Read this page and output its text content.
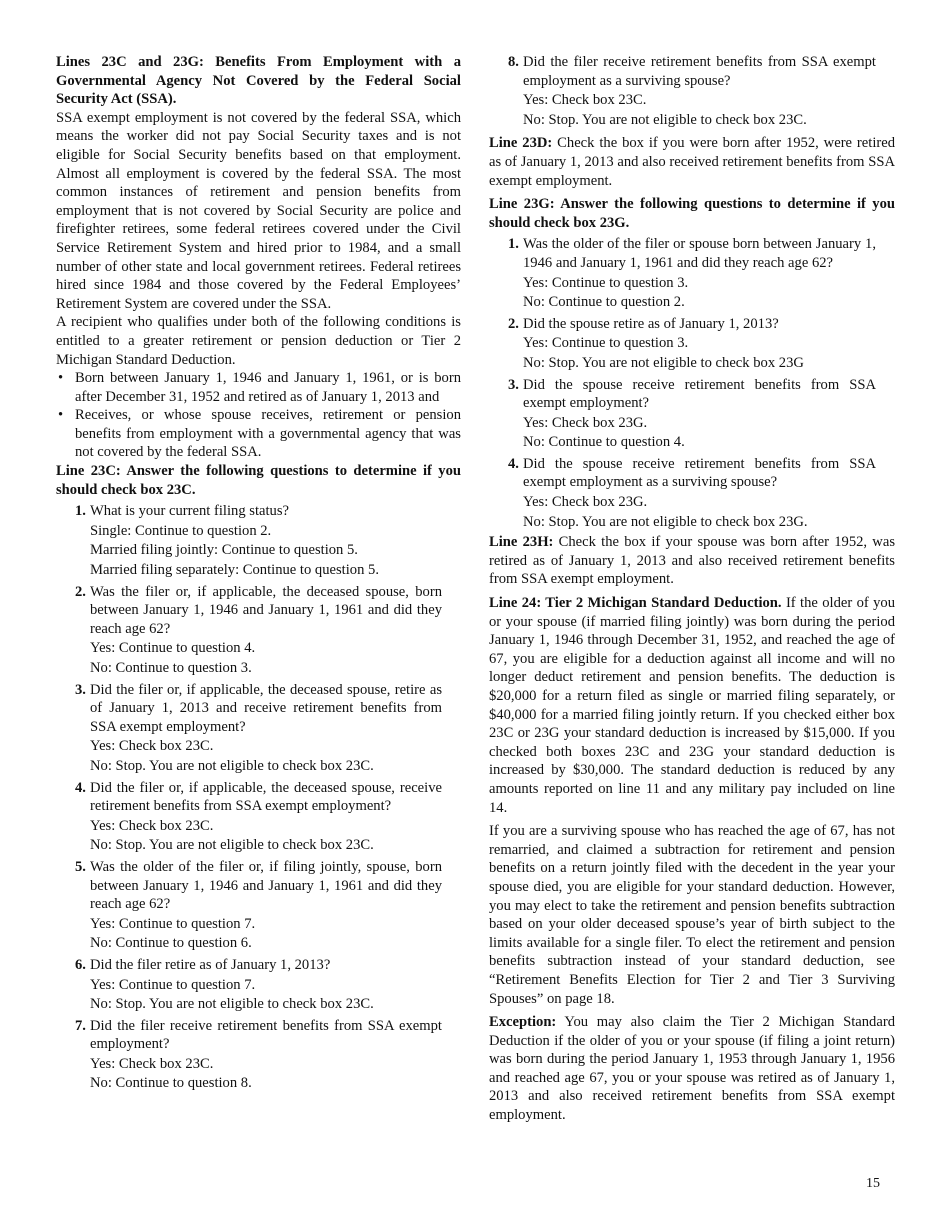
Lines 23C and 23G: Benefits From Employment with a Governmental Agency Not Covered by the Federal Social Security Act (SSA).

SSA exempt employment is not covered by the federal SSA, which means the worker did not pay Social Security taxes and is not eligible for Social Security benefits based on that employment. Almost all employment is covered by the federal SSA. The most common instances of retirement and pension benefits from employment that is not covered by Social Security are police and firefighter retirees, some federal retirees covered under the Civil Service Retirement System and hired prior to 1984, and a small number of other state and local government retirees. Federal retirees hired since 1984 and those covered by the Federal Employees’ Retirement System are covered under the SSA.

A recipient who qualifies under both of the following conditions is entitled to a greater retirement or pension deduction or Tier 2 Michigan Standard Deduction.

• Born between January 1, 1946 and January 1, 1961, or is born after December 31, 1952 and retired as of January 1, 2013 and
• Receives, or whose spouse receives, retirement or pension benefits from employment with a governmental agency that was not covered by the federal SSA.

Line 23C: Answer the following questions to determine if you should check box 23C.

1. What is your current filing status?

Single: Continue to question 2.

Married filing jointly: Continue to question 5.

Married filing separately: Continue to question 5.

2. Was the filer or, if applicable, the deceased spouse, born between January 1, 1946 and January 1, 1961 and did they reach age 62?

Yes: Continue to question 4.

No: Continue to question 3.

3. Did the filer or, if applicable, the deceased spouse, retire as of January 1, 2013 and receive retirement benefits from SSA exempt employment?

Yes: Check box 23C.

No: Stop. You are not eligible to check box 23C.

4. Did the filer or, if applicable, the deceased spouse, receive retirement benefits from SSA exempt employment?

Yes: Check box 23C.

No: Stop. You are not eligible to check box 23C.

5. Was the older of the filer or, if filing jointly, spouse, born between January 1, 1946 and January 1, 1961 and did they reach age 62?

Yes: Continue to question 7.

No: Continue to question 6.

6. Did the filer retire as of January 1, 2013?

Yes: Continue to question 7.

No: Stop. You are not eligible to check box 23C.

7. Did the filer receive retirement benefits from SSA exempt employment?

Yes: Check box 23C.

No: Continue to question 8.

8. Did the filer receive retirement benefits from SSA exempt employment as a surviving spouse?

Yes: Check box 23C.

No: Stop. You are not eligible to check box 23C.

Line 23D: Check the box if you were born after 1952, were retired as of January 1, 2013 and also received retirement benefits from SSA exempt employment.

Line 23G: Answer the following questions to determine if you should check box 23G.

1. Was the older of the filer or spouse born between January 1, 1946 and January 1, 1961 and did they reach age 62?

Yes: Continue to question 3.

No: Continue to question 2.

2. Did the spouse retire as of January 1, 2013?

Yes: Continue to question 3.

No: Stop. You are not eligible to check box 23G

3. Did the spouse receive retirement benefits from SSA exempt employment?

Yes: Check box 23G.

No: Continue to question 4.

4. Did the spouse receive retirement benefits from SSA exempt employment as a surviving spouse?

Yes: Check box 23G.

No: Stop. You are not eligible to check box 23G.

Line 23H: Check the box if your spouse was born after 1952, was retired as of January 1, 2013 and also received retirement benefits from SSA exempt employment.

Line 24: Tier 2 Michigan Standard Deduction. If the older of you or your spouse (if married filing jointly) was born during the period January 1, 1946 through December 31, 1952, and reached the age of 67, you are eligible for a deduction against all income and will no longer deduct retirement and pension benefits. The deduction is $20,000 for a return filed as single or married filing separately, or $40,000 for a married filing jointly return. If you checked either box 23C or 23G your standard deduction is increased by $15,000. If you checked both boxes 23C and 23G your standard deduction is increased by $30,000. The standard deduction is reduced by any amounts reported on line 11 and any military pay included on line 14.

If you are a surviving spouse who has reached the age of 67, has not remarried, and claimed a subtraction for retirement and pension benefits on a return jointly filed with the decedent in the year your spouse died, you are eligible for your standard deduction. However, you may elect to take the retirement and pension benefits subtraction based on your older deceased spouse’s year of birth subject to the limits available for a single filer. To elect the retirement and pension benefits subtraction instead of your standard deduction, see “Retirement Benefits Election for Tier 2 and Tier 3 Surviving Spouses” on page 18.

Exception: You may also claim the Tier 2 Michigan Standard Deduction if the older of you or your spouse (if filing a joint return) was born during the period January 1, 1953 through January 1, 1956 and reached age 67, you or your spouse was retired as of January 1, 2013 and also received retirement benefits from SSA exempt employment.

15
